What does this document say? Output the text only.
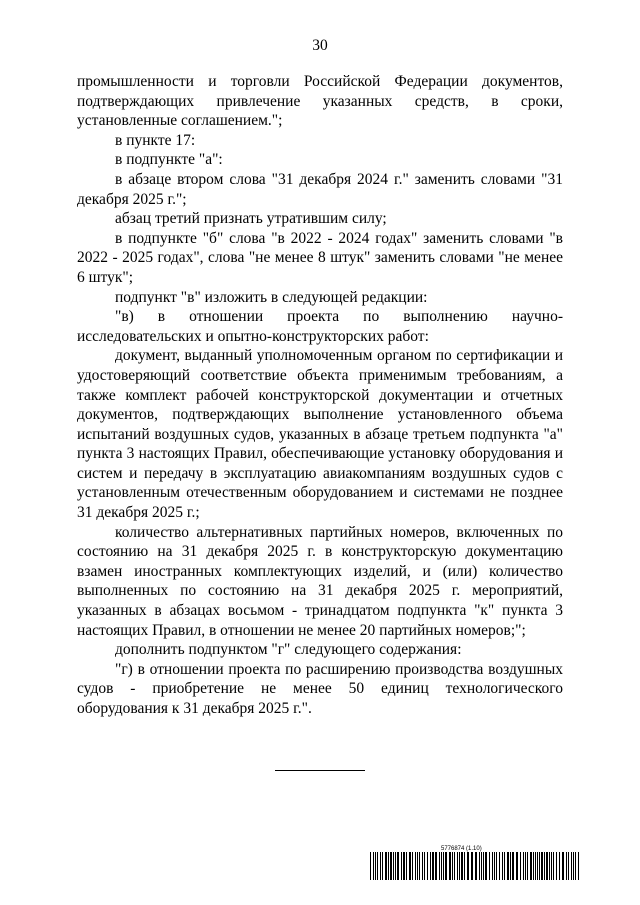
30

промышленности и торговли Российской Федерации документов, подтверждающих привлечение указанных средств, в сроки, установленные соглашением.";

в пункте 17:

в подпункте "а":

в абзаце втором слова "31 декабря 2024 г." заменить словами "31 декабря 2025 г.";

абзац третий признать утратившим силу;

в подпункте "б" слова "в 2022 - 2024 годах" заменить словами "в 2022 - 2025 годах", слова "не менее 8 штук" заменить словами "не менее 6 штук";

подпункт "в" изложить в следующей редакции:

"в) в отношении проекта по выполнению научно-исследовательских и опытно-конструкторских работ:

документ, выданный уполномоченным органом по сертификации и удостоверяющий соответствие объекта применимым требованиям, а также комплект рабочей конструкторской документации и отчетных документов, подтверждающих выполнение установленного объема испытаний воздушных судов, указанных в абзаце третьем подпункта "а" пункта 3 настоящих Правил, обеспечивающие установку оборудования и систем и передачу в эксплуатацию авиакомпаниям воздушных судов с установленным отечественным оборудованием и системами не позднее 31 декабря 2025 г.;

количество альтернативных партийных номеров, включенных по состоянию на 31 декабря 2025 г. в конструкторскую документацию взамен иностранных комплектующих изделий, и (или) количество выполненных по состоянию на 31 декабря 2025 г. мероприятий, указанных в абзацах восьмом - тринадцатом подпункта "к" пункта 3 настоящих Правил, в отношении не менее 20 партийных номеров;";

дополнить подпунктом "г" следующего содержания:

"г) в отношении проекта по расширению производства воздушных судов - приобретение не менее 50 единиц технологического оборудования к 31 декабря 2025 г.".

5776874 (1.10)
